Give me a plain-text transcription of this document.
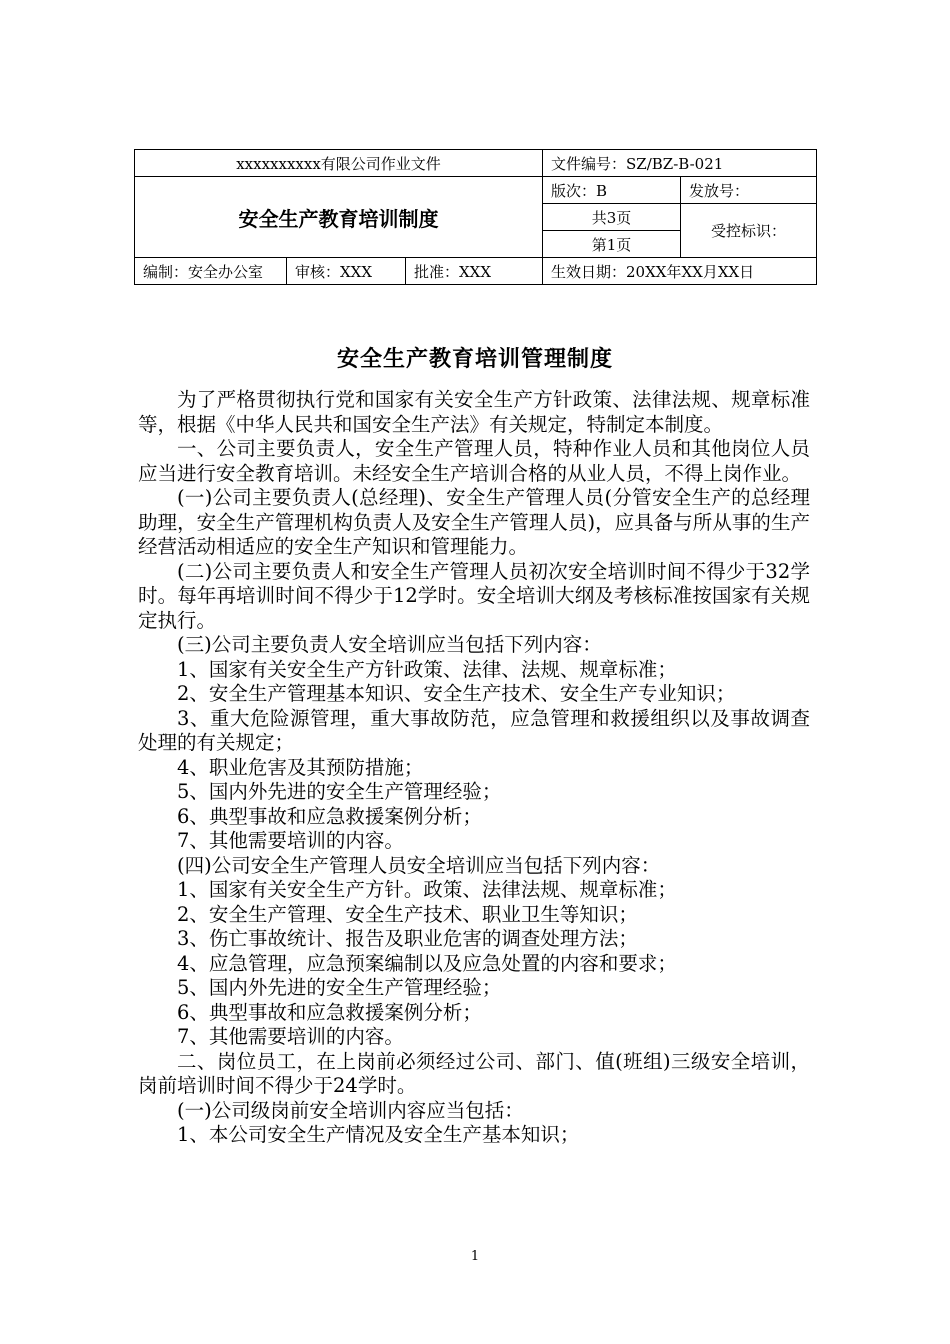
xxxxxxxxxx有限公司作业文件			文件编号：SZ/BZ-B-021	
安全生产教育培训制度			版次：B	发放号：
			共3页	受控标识：
			第1页	
编制：安全办公室	审核：XXX	批准：XXX	生效日期：20XX年XX月XX日	
安全生产教育培训管理制度

为了严格贯彻执行党和国家有关安全生产方针政策、法律法规、规章标准等，根据《中华人民共和国安全生产法》有关规定，特制定本制度。

一、公司主要负责人，安全生产管理人员，特种作业人员和其他岗位人员应当进行安全教育培训。未经安全生产培训合格的从业人员，不得上岗作业。

(一)公司主要负责人(总经理)、安全生产管理人员(分管安全生产的总经理助理，安全生产管理机构负责人及安全生产管理人员)，应具备与所从事的生产经营活动相适应的安全生产知识和管理能力。

(二)公司主要负责人和安全生产管理人员初次安全培训时间不得少于32学时。每年再培训时间不得少于12学时。安全培训大纲及考核标准按国家有关规定执行。

(三)公司主要负责人安全培训应当包括下列内容：

1、国家有关安全生产方针政策、法律、法规、规章标准；

2、安全生产管理基本知识、安全生产技术、安全生产专业知识；

3、重大危险源管理，重大事故防范，应急管理和救援组织以及事故调查处理的有关规定；

4、职业危害及其预防措施；

5、国内外先进的安全生产管理经验；

6、典型事故和应急救援案例分析；

7、其他需要培训的内容。

(四)公司安全生产管理人员安全培训应当包括下列内容：

1、国家有关安全生产方针。政策、法律法规、规章标准；

2、安全生产管理、安全生产技术、职业卫生等知识；

3、伤亡事故统计、报告及职业危害的调查处理方法；

4、应急管理，应急预案编制以及应急处置的内容和要求；

5、国内外先进的安全生产管理经验；

6、典型事故和应急救援案例分析；

7、其他需要培训的内容。

二、岗位员工，在上岗前必须经过公司、部门、值(班组)三级安全培训，岗前培训时间不得少于24学时。

(一)公司级岗前安全培训内容应当包括：

1、本公司安全生产情况及安全生产基本知识；

1
